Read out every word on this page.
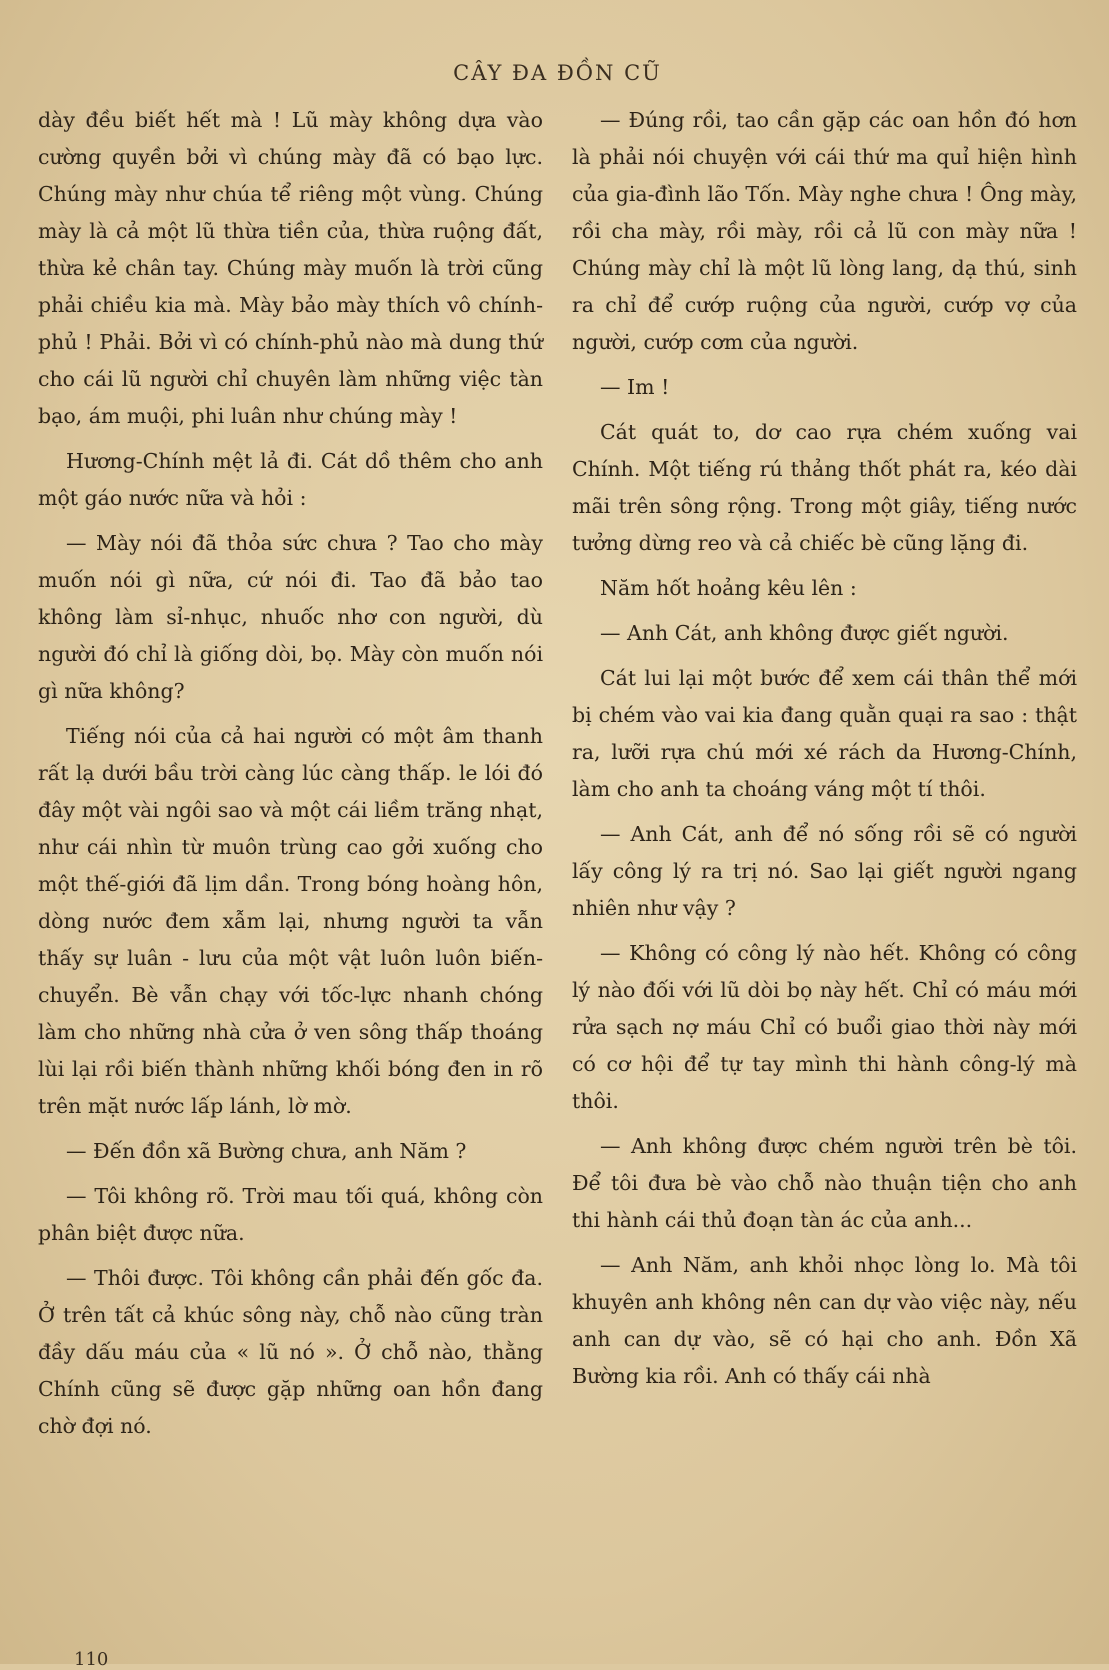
CÂY ĐA ĐỒN CŨ

dày đều biết hết mà ! Lũ mày không dựa vào cường quyền bởi vì chúng mày đã có bạo lực. Chúng mày như chúa tể riêng một vùng. Chúng mày là cả một lũ thừa tiền của, thừa ruộng đất, thừa kẻ chân tay. Chúng mày muốn là trời cũng phải chiều kia mà. Mày bảo mày thích vô chính-phủ ! Phải. Bởi vì có chính-phủ nào mà dung thứ cho cái lũ người chỉ chuyên làm những việc tàn bạo, ám muội, phi luân như chúng mày !

Hương-Chính mệt lả đi. Cát dồ thêm cho anh một gáo nước nữa và hỏi :

— Mày nói đã thỏa sức chưa ? Tao cho mày muốn nói gì nữa, cứ nói đi. Tao đã bảo tao không làm sỉ-nhục, nhuốc nhơ con người, dù người đó chỉ là giống dòi, bọ. Mày còn muốn nói gì nữa không?

Tiếng nói của cả hai người có một âm thanh rất lạ dưới bầu trời càng lúc càng thấp. le lói đó đây một vài ngôi sao và một cái liềm trăng nhạt, như cái nhìn từ muôn trùng cao gởi xuống cho một thế-giới đã lịm dần. Trong bóng hoàng hôn, dòng nước đem xẫm lại, nhưng người ta vẫn thấy sự luân - lưu của một vật luôn luôn biến-chuyển. Bè vẫn chạy với tốc-lực nhanh chóng làm cho những nhà cửa ở ven sông thấp thoáng lùi lại rồi biến thành những khối bóng đen in rõ trên mặt nước lấp lánh, lờ mờ.

— Đến đồn xã Bường chưa, anh Năm ?

— Tôi không rõ. Trời mau tối quá, không còn phân biệt được nữa.

— Thôi được. Tôi không cần phải đến gốc đa. Ở trên tất cả khúc sông này, chỗ nào cũng tràn đầy dấu máu của « lũ nó ». Ở chỗ nào, thằng Chính cũng sẽ được gặp những oan hồn đang chờ đợi nó.

— Đúng rồi, tao cần gặp các oan hồn đó hơn là phải nói chuyện với cái thứ ma quỉ hiện hình của gia-đình lão Tốn. Mày nghe chưa ! Ông mày, rồi cha mày, rồi mày, rồi cả lũ con mày nữa ! Chúng mày chỉ là một lũ lòng lang, dạ thú, sinh ra chỉ để cướp ruộng của người, cướp vợ của người, cướp cơm của người.

— Im !

Cát quát to, dơ cao rựa chém xuống vai Chính. Một tiếng rú thảng thốt phát ra, kéo dài mãi trên sông rộng. Trong một giây, tiếng nước tưởng dừng reo và cả chiếc bè cũng lặng đi.

Năm hốt hoảng kêu lên :

— Anh Cát, anh không được giết người.

Cát lui lại một bước để xem cái thân thể mới bị chém vào vai kia đang quằn quại ra sao : thật ra, lưỡi rựa chú mới xé rách da Hương-Chính, làm cho anh ta choáng váng một tí thôi.

— Anh Cát, anh để nó sống rồi sẽ có người lấy công lý ra trị nó. Sao lại giết người ngang nhiên như vậy ?

— Không có công lý nào hết. Không có công lý nào đối với lũ dòi bọ này hết. Chỉ có máu mới rửa sạch nợ máu Chỉ có buổi giao thời này mới có cơ hội để tự tay mình thi hành công-lý mà thôi.

— Anh không được chém người trên bè tôi. Để tôi đưa bè vào chỗ nào thuận tiện cho anh thi hành cái thủ đoạn tàn ác của anh...

— Anh Năm, anh khỏi nhọc lòng lo. Mà tôi khuyên anh không nên can dự vào việc này, nếu anh can dự vào, sẽ có hại cho anh. Đồn Xã Bường kia rồi. Anh có thấy cái nhà

110
